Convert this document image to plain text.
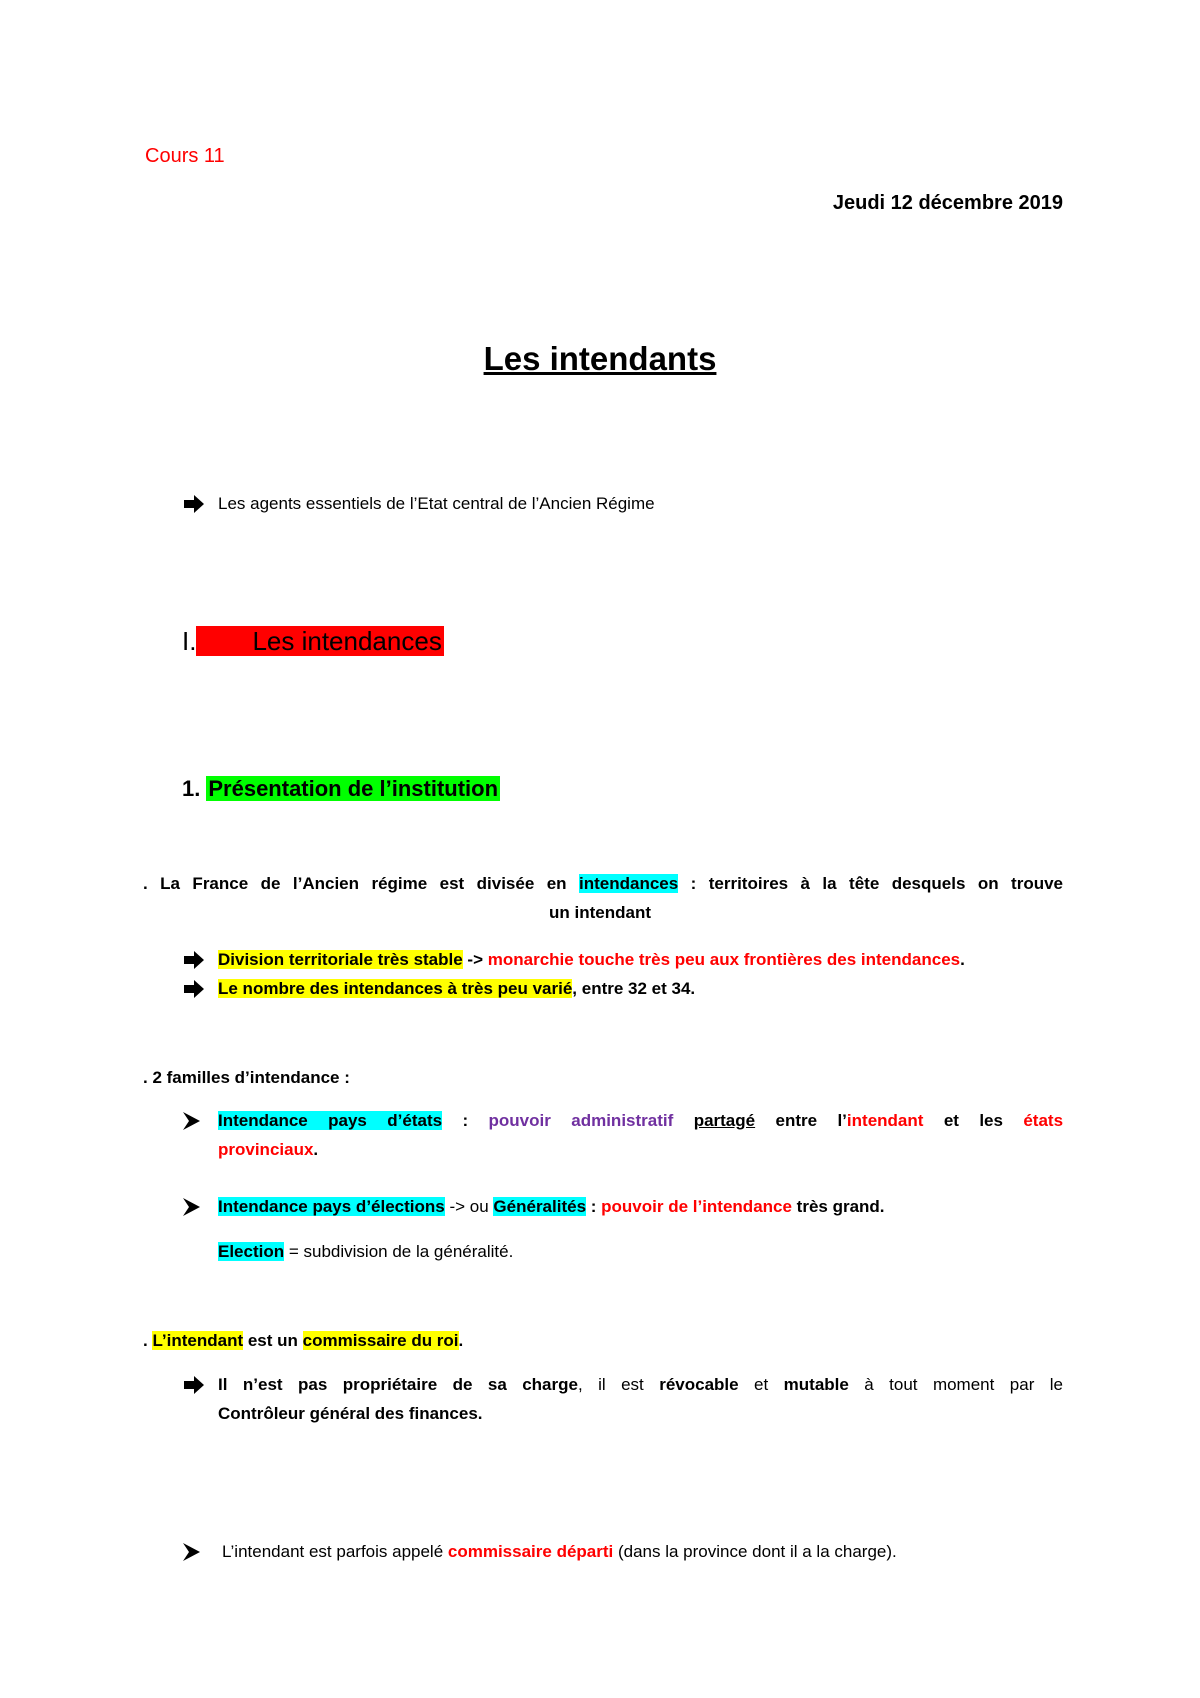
Cours 11
Jeudi 12 décembre 2019
Les intendants
Les agents essentiels de l’Etat central de l’Ancien Régime
I. Les intendances
1. Présentation de l’institution
. La France de l’Ancien régime est divisée en intendances : territoires à la tête desquels on trouve
un intendant
Division territoriale très stable -> monarchie touche très peu aux frontières des intendances.
Le nombre des intendances à très peu varié, entre 32 et 34.
. 2 familles d’intendance :
Intendance pays d’états : pouvoir administratif partagé entre l’intendant et les états
provinciaux.
Intendance pays d’élections -> ou Généralités : pouvoir de l’intendance très grand.
Election = subdivision de la généralité.
. L’intendant est un commissaire du roi.
Il n’est pas propriétaire de sa charge, il est révocable et mutable à tout moment par le
Contrôleur général des finances.
L’intendant est parfois appelé commissaire départi (dans la province dont il a la charge).
